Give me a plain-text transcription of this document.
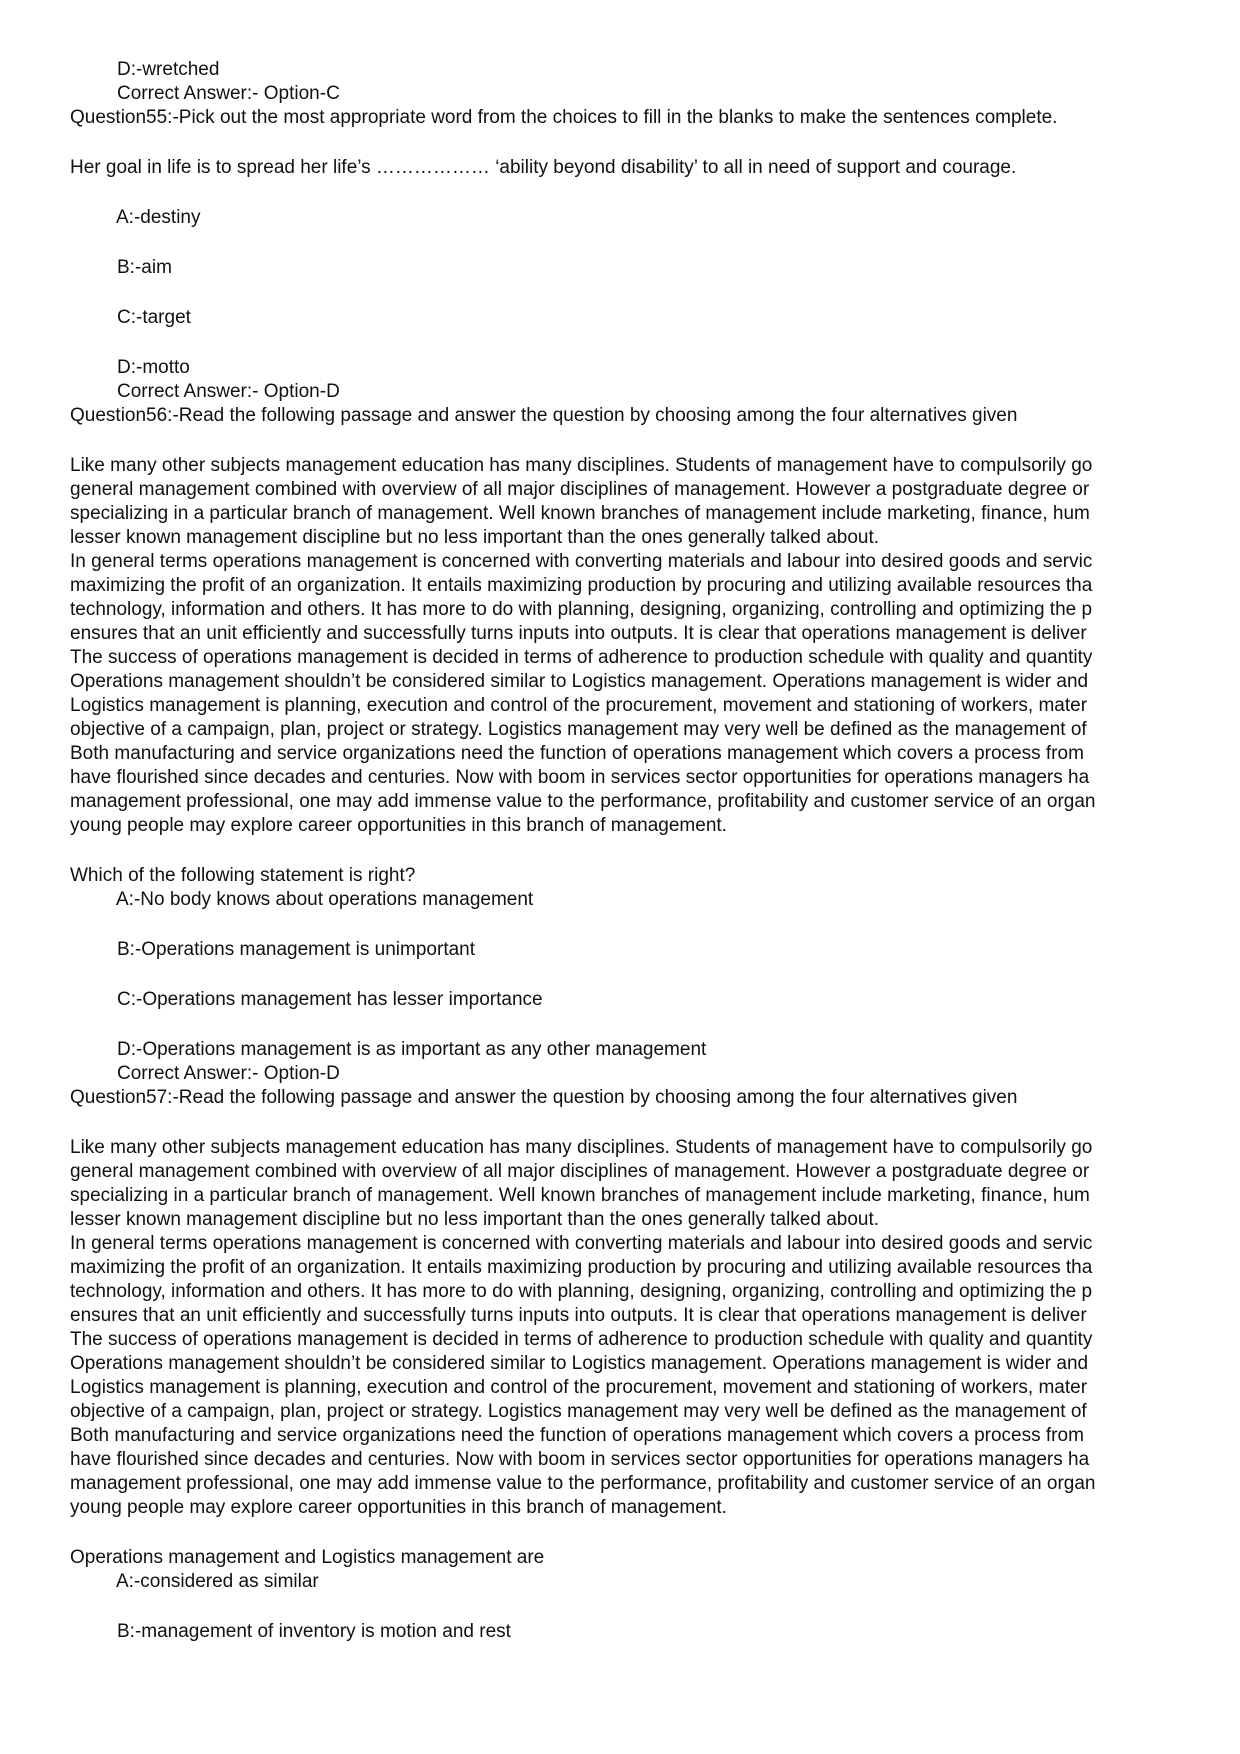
D:-wretched
Correct Answer:- Option-C
Question55:-Pick out the most appropriate word from the choices to fill in the blanks to make the sentences complete.
Her goal in life is to spread her life’s ……………… ‘ability beyond disability’ to all in need of support and courage.
A:-destiny
B:-aim
C:-target
D:-motto
Correct Answer:- Option-D
Question56:-Read the following passage and answer the question by choosing among the four alternatives given
Like many other subjects management education has many disciplines. Students of management have to compulsorily go
general management combined with overview of all major disciplines of management. However a postgraduate degree or
specializing in a particular branch of management. Well known branches of management include marketing, finance, hum
lesser known management discipline but no less important than the ones generally talked about.
In general terms operations management is concerned with converting materials and labour into desired goods and servic
maximizing the profit of an organization. It entails maximizing production by procuring and utilizing available resources tha
technology, information and others. It has more to do with planning, designing, organizing, controlling and optimizing the p
ensures that an unit efficiently and successfully turns inputs into outputs. It is clear that operations management is deliver
The success of operations management is decided in terms of adherence to production schedule with quality and quantity
Operations management shouldn’t be considered similar to Logistics management. Operations management is wider and
Logistics management is planning, execution and control of the procurement, movement and stationing of workers, mater
objective of a campaign, plan, project or strategy. Logistics management may very well be defined as the management of
Both manufacturing and service organizations need the function of operations management which covers a process from
have flourished since decades and centuries. Now with boom in services sector opportunities for operations managers ha
management professional, one may add immense value to the performance, profitability and customer service of an organ
young people may explore career opportunities in this branch of management.
Which of the following statement is right?
A:-No body knows about operations management
B:-Operations management is unimportant
C:-Operations management has lesser importance
D:-Operations management is as important as any other management
Correct Answer:- Option-D
Question57:-Read the following passage and answer the question by choosing among the four alternatives given
Like many other subjects management education has many disciplines. Students of management have to compulsorily go
general management combined with overview of all major disciplines of management. However a postgraduate degree or
specializing in a particular branch of management. Well known branches of management include marketing, finance, hum
lesser known management discipline but no less important than the ones generally talked about.
In general terms operations management is concerned with converting materials and labour into desired goods and servic
maximizing the profit of an organization. It entails maximizing production by procuring and utilizing available resources tha
technology, information and others. It has more to do with planning, designing, organizing, controlling and optimizing the p
ensures that an unit efficiently and successfully turns inputs into outputs. It is clear that operations management is deliver
The success of operations management is decided in terms of adherence to production schedule with quality and quantity
Operations management shouldn’t be considered similar to Logistics management. Operations management is wider and
Logistics management is planning, execution and control of the procurement, movement and stationing of workers, mater
objective of a campaign, plan, project or strategy. Logistics management may very well be defined as the management of
Both manufacturing and service organizations need the function of operations management which covers a process from
have flourished since decades and centuries. Now with boom in services sector opportunities for operations managers ha
management professional, one may add immense value to the performance, profitability and customer service of an organ
young people may explore career opportunities in this branch of management.
Operations management and Logistics management are
A:-considered as similar
B:-management of inventory is motion and rest
